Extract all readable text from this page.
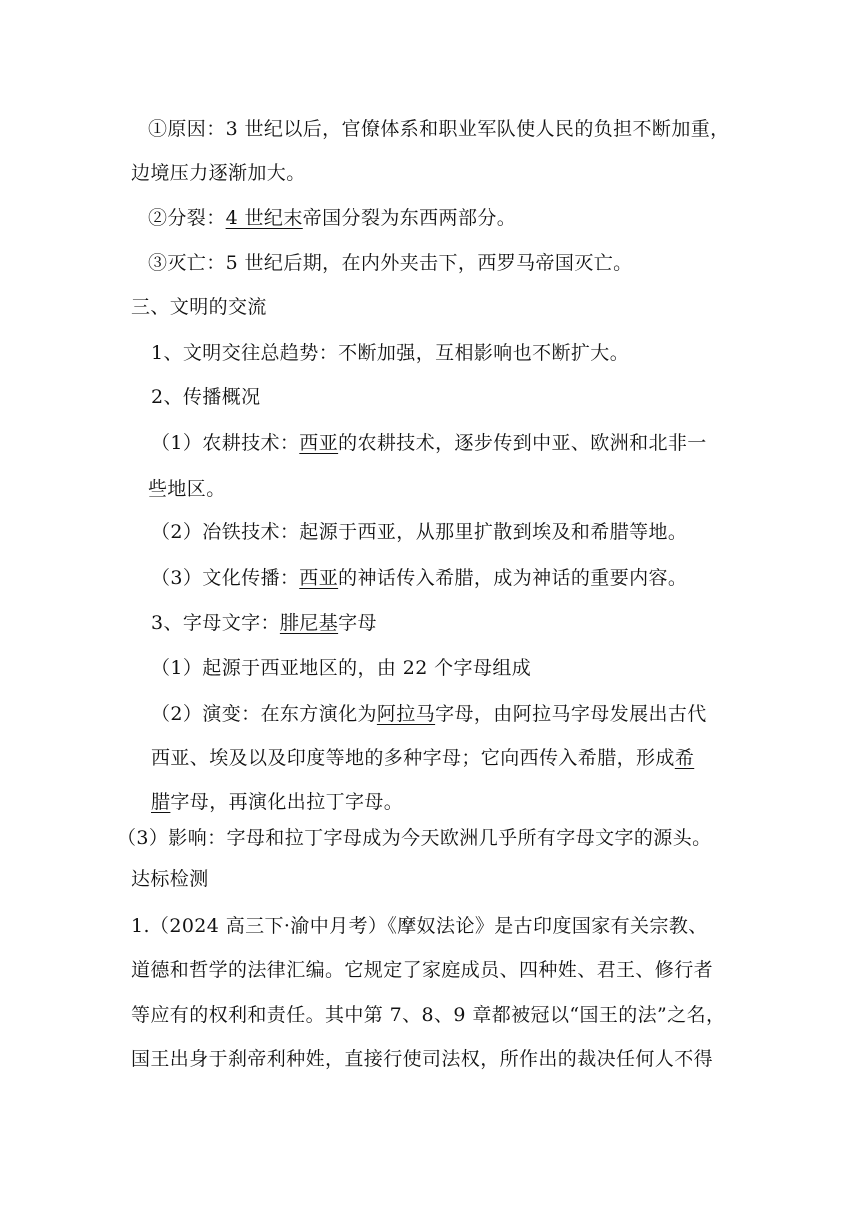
①原因：3 世纪以后，官僚体系和职业军队使人民的负担不断加重，
边境压力逐渐加大。
②分裂：4 世纪末帝国分裂为东西两部分。
③灭亡：5 世纪后期，在内外夹击下，西罗马帝国灭亡。
三、文明的交流
1、文明交往总趋势：不断加强，互相影响也不断扩大。
2、传播概况
（1）农耕技术：西亚的农耕技术，逐步传到中亚、欧洲和北非一
些地区。
（2）冶铁技术：起源于西亚，从那里扩散到埃及和希腊等地。
（3）文化传播：西亚的神话传入希腊，成为神话的重要内容。
3、字母文字：腓尼基字母
（1）起源于西亚地区的，由 22 个字母组成
（2）演变：在东方演化为阿拉马字母，由阿拉马字母发展出古代
西亚、埃及以及印度等地的多种字母；它向西传入希腊，形成希
腊字母，再演化出拉丁字母。
（3）影响：字母和拉丁字母成为今天欧洲几乎所有字母文字的源头。
达标检测
1.（2024 高三下·渝中月考）《摩奴法论》是古印度国家有关宗教、
道德和哲学的法律汇编。它规定了家庭成员、四种姓、君王、修行者
等应有的权利和责任。其中第 7、8、9 章都被冠以“国王的法”之名，
国王出身于刹帝利种姓，直接行使司法权，所作出的裁决任何人不得
